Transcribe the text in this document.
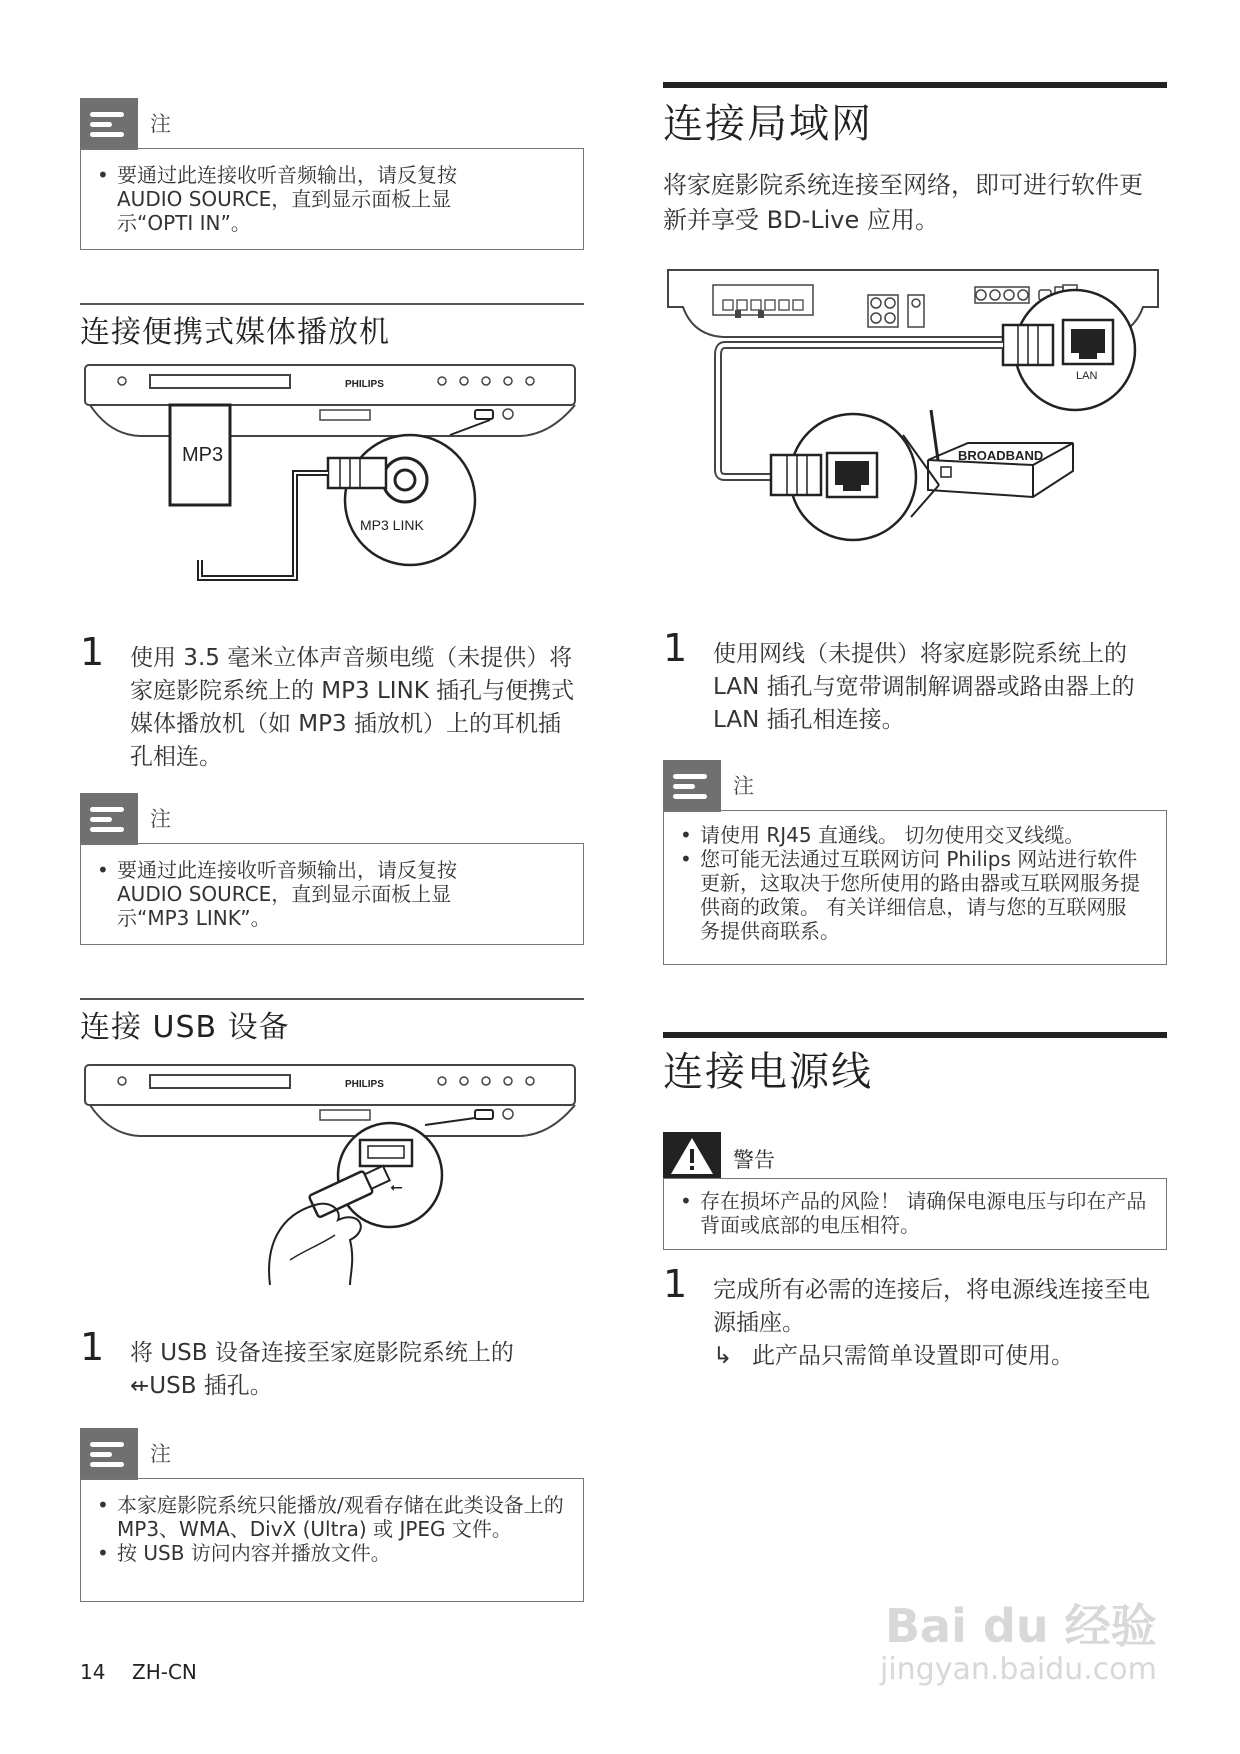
注
• 要通过此连接收听音频输出，请反复按 AUDIO SOURCE，直到显示面板上显示“OPTI IN”。
连接便携式媒体播放机
PHILIPS
MP3 LINK
MP3
1 使用 3.5 毫米立体声音频电缆（未提供）将家庭影院系统上的 MP3 LINK 插孔与便携式媒体播放机（如 MP3 插放机）上的耳机插孔相连。
注
• 要通过此连接收听音频输出，请反复按 AUDIO SOURCE，直到显示面板上显示“MP3 LINK”。
连接 USB 设备
PHILIPS
⭠
1 将 USB 设备连接至家庭影院系统上的 ⇷USB 插孔。
注
• 本家庭影院系统只能播放/观看存储在此类设备上的 MP3、WMA、DivX (Ultra) 或 JPEG 文件。
• 按 USB 访问内容并播放文件。
14 ZH-CN
连接局域网
将家庭影院系统连接至网络，即可进行软件更新并享受 BD-Live 应用。
LAN
BROADBAND
1 使用网线（未提供）将家庭影院系统上的 LAN 插孔与宽带调制解调器或路由器上的 LAN 插孔相连接。
注
• 请使用 RJ45 直通线。 切勿使用交叉线缆。
• 您可能无法通过互联网访问 Philips 网站进行软件更新，这取决于您所使用的路由器或互联网服务提供商的政策。 有关详细信息，请与您的互联网服务提供商联系。
连接电源线
警告
• 存在损坏产品的风险！ 请确保电源电压与印在产品背面或底部的电压相符。
1 完成所有必需的连接后，将电源线连接至电源插座。
↳ 此产品只需简单设置即可使用。
Bai du 经验
jingyan.baidu.com
